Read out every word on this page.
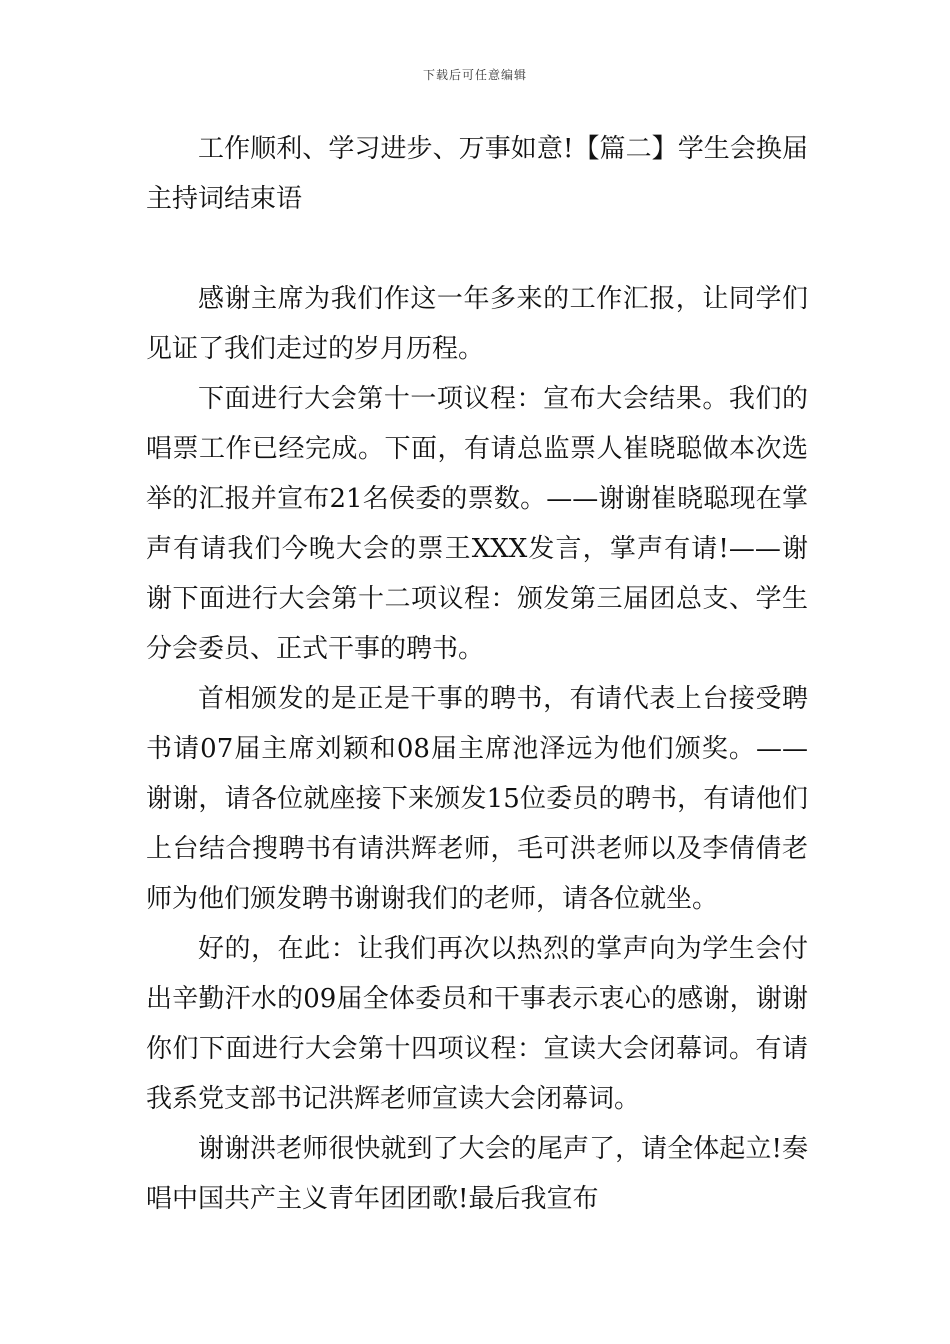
下载后可任意编辑

工作顺利、学习进步、万事如意!【篇二】学生会换届主持词结束语

感谢主席为我们作这一年多来的工作汇报，让同学们见证了我们走过的岁月历程。

下面进行大会第十一项议程：宣布大会结果。我们的唱票工作已经完成。下面，有请总监票人崔晓聪做本次选举的汇报并宣布21名侯委的票数。——谢谢崔晓聪现在掌声有请我们今晚大会的票王XXX发言，掌声有请!——谢谢下面进行大会第十二项议程：颁发第三届团总支、学生分会委员、正式干事的聘书。

首相颁发的是正是干事的聘书，有请代表上台接受聘书请07届主席刘颖和08届主席池泽远为他们颁奖。——谢谢，请各位就座接下来颁发15位委员的聘书，有请他们上台结合搜聘书有请洪辉老师，毛可洪老师以及李倩倩老师为他们颁发聘书谢谢我们的老师，请各位就坐。

好的，在此：让我们再次以热烈的掌声向为学生会付出辛勤汗水的09届全体委员和干事表示衷心的感谢，谢谢你们下面进行大会第十四项议程：宣读大会闭幕词。有请我系党支部书记洪辉老师宣读大会闭幕词。

谢谢洪老师很快就到了大会的尾声了，请全体起立!奏唱中国共产主义青年团团歌!最后我宣布
